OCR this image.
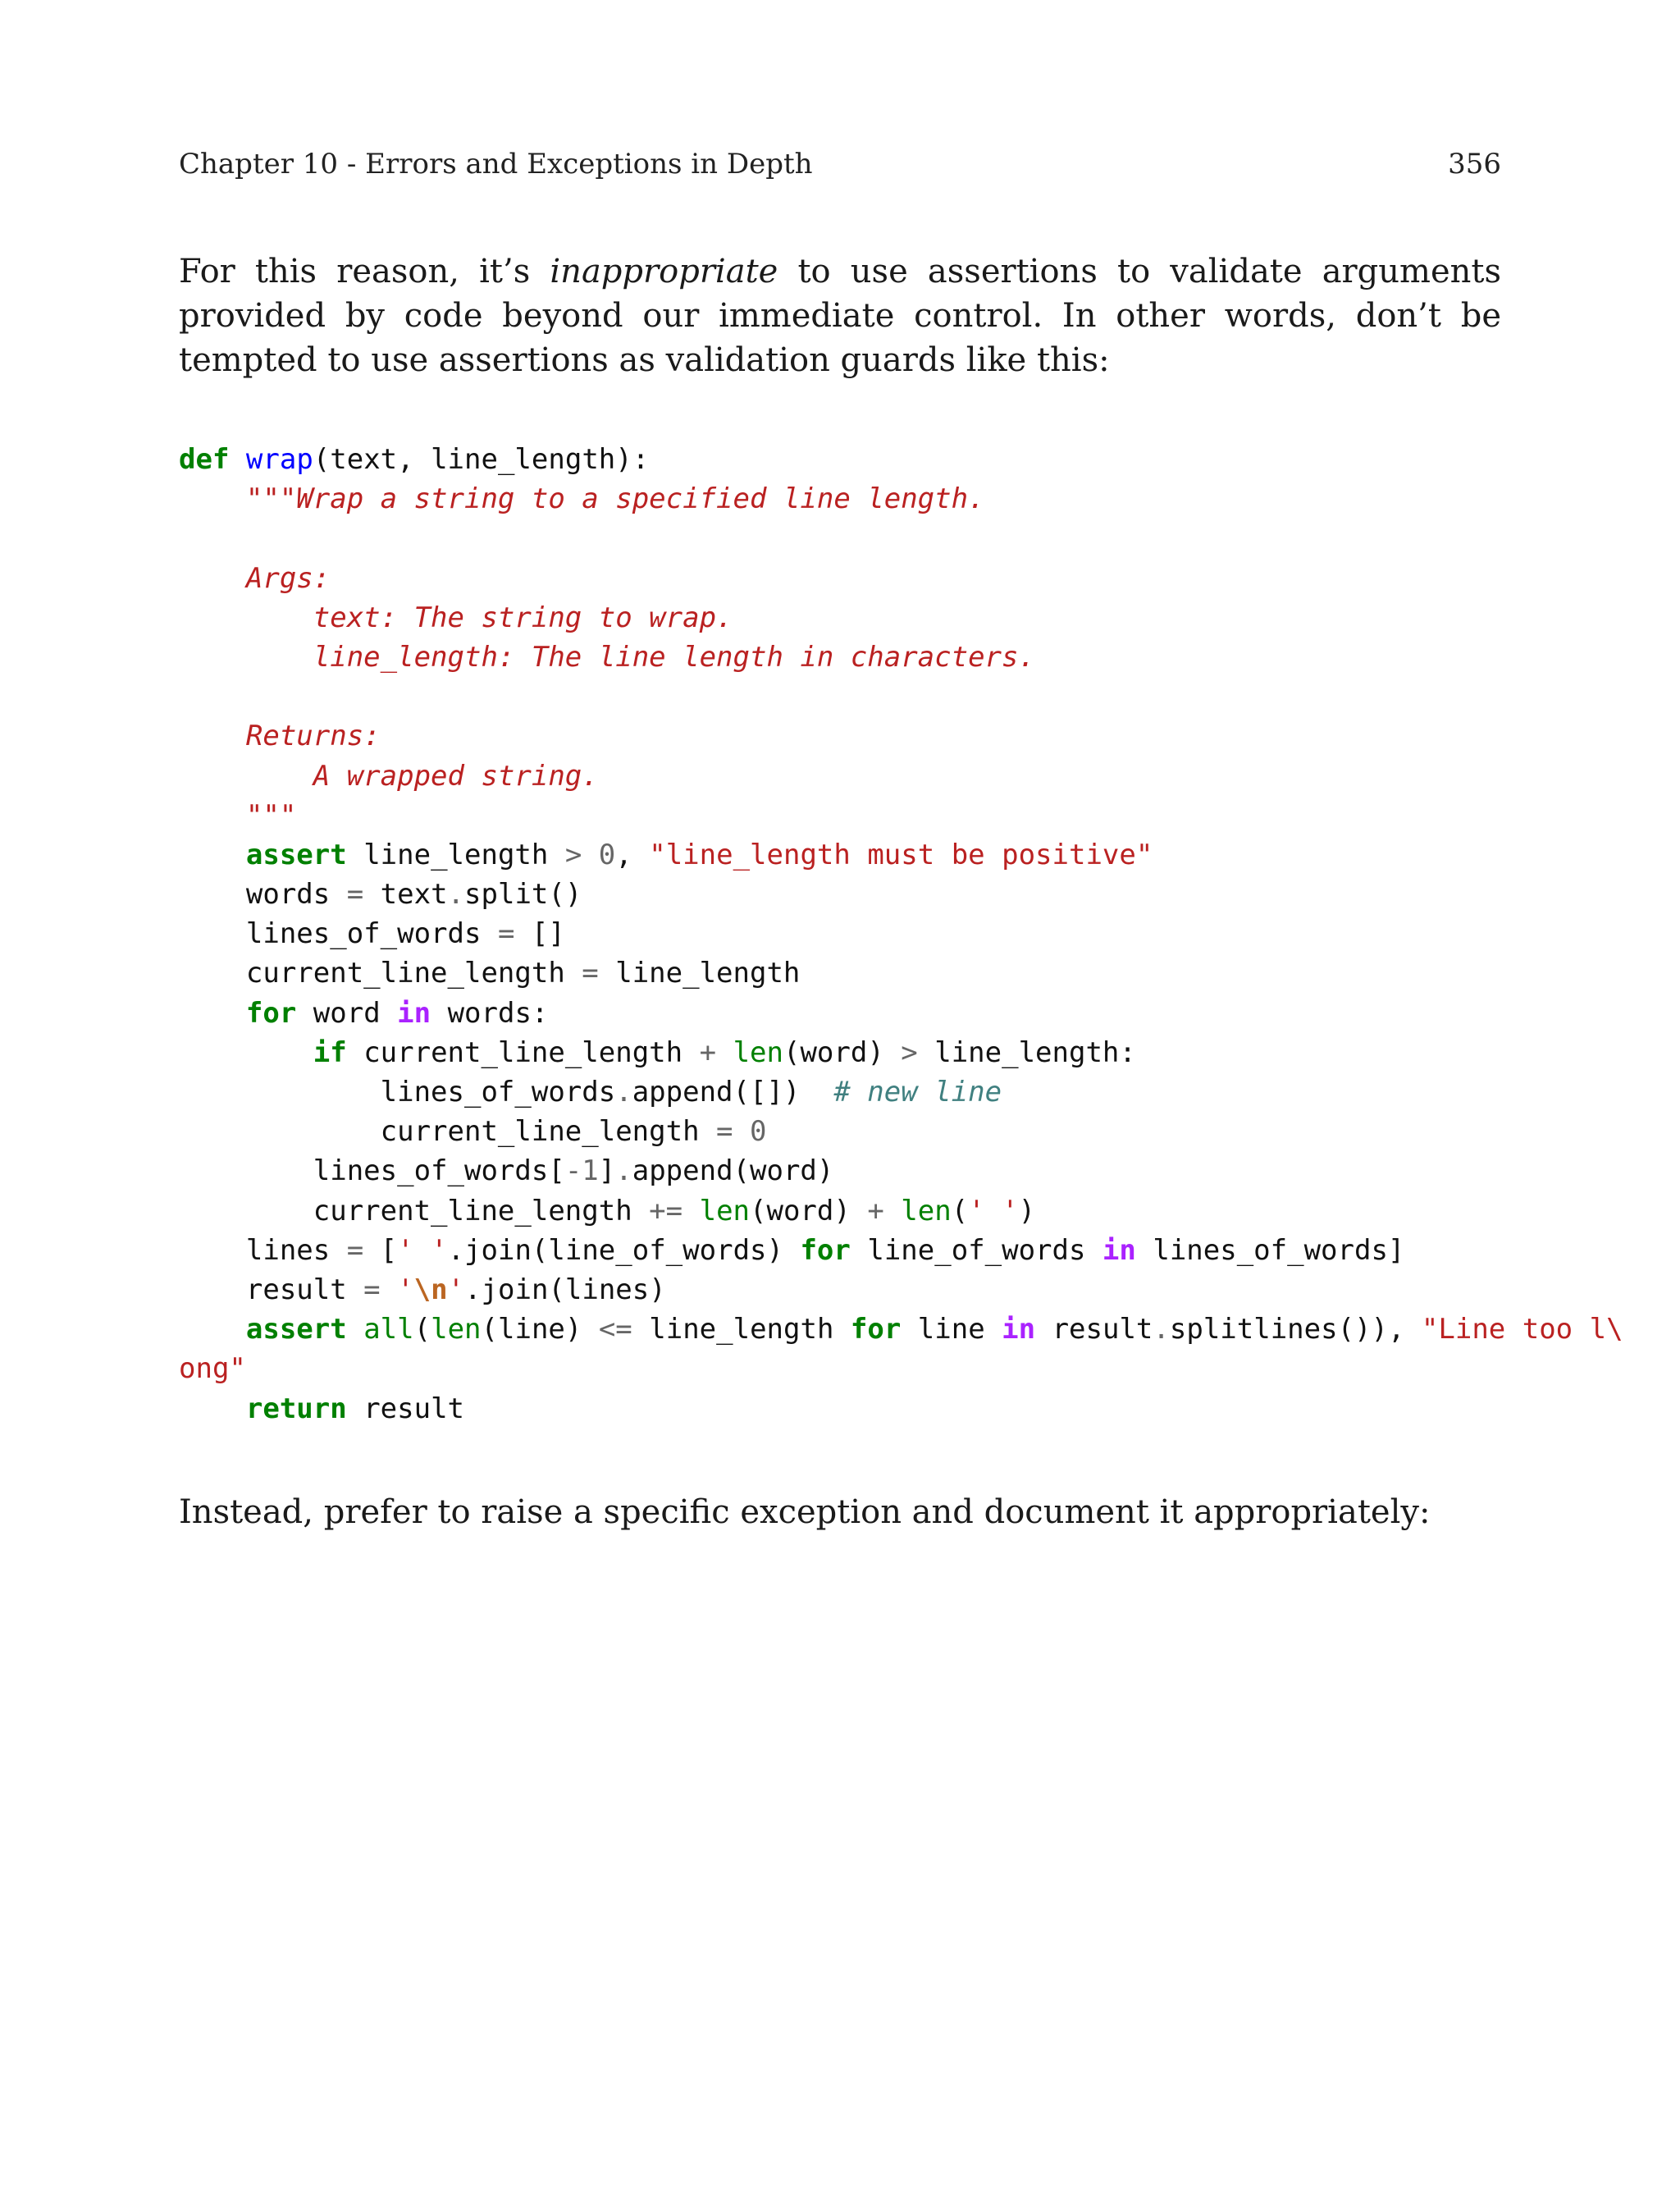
Chapter 10 - Errors and Exceptions in Depth	356

For this reason, it’s inappropriate to use assertions to validate arguments provided by code beyond our immediate control. In other words, don’t be tempted to use assertions as validation guards like this:

def wrap(text, line_length):
"""Wrap a string to a specified line length.
Args:
text: The string to wrap.
line_length: The line length in characters.
Returns:
A wrapped string.
"""
assert line_length > 0, "line_length must be positive"
words = text.split()
lines_of_words = []
current_line_length = line_length
for word in words:
if current_line_length + len(word) > line_length:
lines_of_words.append([])  # new line
current_line_length = 0
lines_of_words[-1].append(word)
current_line_length += len(word) + len(' ')
lines = [' '.join(line_of_words) for line_of_words in lines_of_words]
result = '\n'.join(lines)
assert all(len(line) <= line_length for line in result.splitlines()), "Line too l\
ong"
return result

Instead, prefer to raise a specific exception and document it appropriately:
